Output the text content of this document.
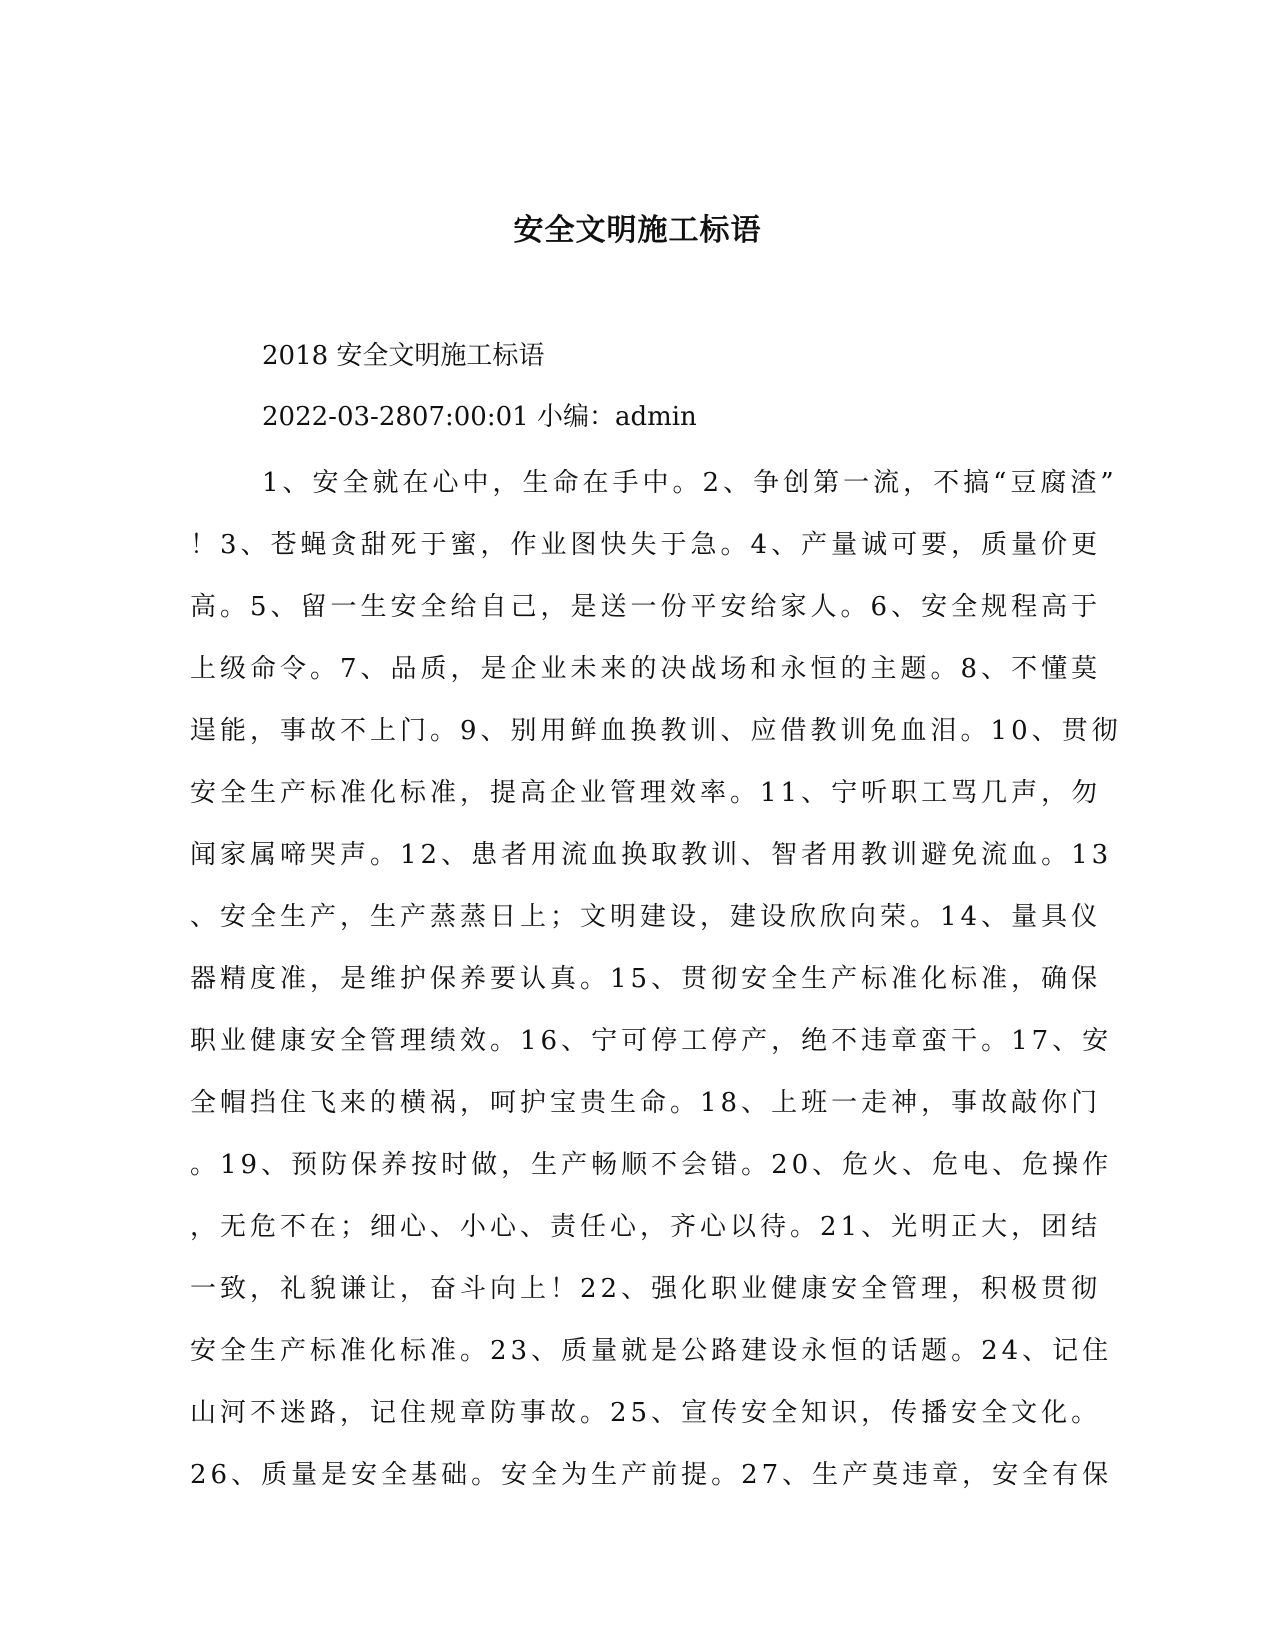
安全文明施工标语
2018 安全文明施工标语
2022-03-2807:00:01 小编：admin
1、安全就在心中，生命在手中。2、争创第一流，不搞“豆腐渣”
！3、苍蝇贪甜死于蜜，作业图快失于急。4、产量诚可要，质量价更
高。5、留一生安全给自己，是送一份平安给家人。6、安全规程高于
上级命令。7、品质，是企业未来的决战场和永恒的主题。8、不懂莫
逞能，事故不上门。9、别用鲜血换教训、应借教训免血泪。10、贯彻
安全生产标准化标准，提高企业管理效率。11、宁听职工骂几声，勿
闻家属啼哭声。12、患者用流血换取教训、智者用教训避免流血。13
、安全生产，生产蒸蒸日上；文明建设，建设欣欣向荣。14、量具仪
器精度准，是维护保养要认真。15、贯彻安全生产标准化标准，确保
职业健康安全管理绩效。16、宁可停工停产，绝不违章蛮干。17、安
全帽挡住飞来的横祸，呵护宝贵生命。18、上班一走神，事故敲你门
。19、预防保养按时做，生产畅顺不会错。20、危火、危电、危操作
，无危不在；细心、小心、责任心，齐心以待。21、光明正大，团结
一致，礼貌谦让，奋斗向上！22、强化职业健康安全管理，积极贯彻
安全生产标准化标准。23、质量就是公路建设永恒的话题。24、记住
山河不迷路，记住规章防事故。25、宣传安全知识，传播安全文化。
26、质量是安全基础。安全为生产前提。27、生产莫违章，安全有保
